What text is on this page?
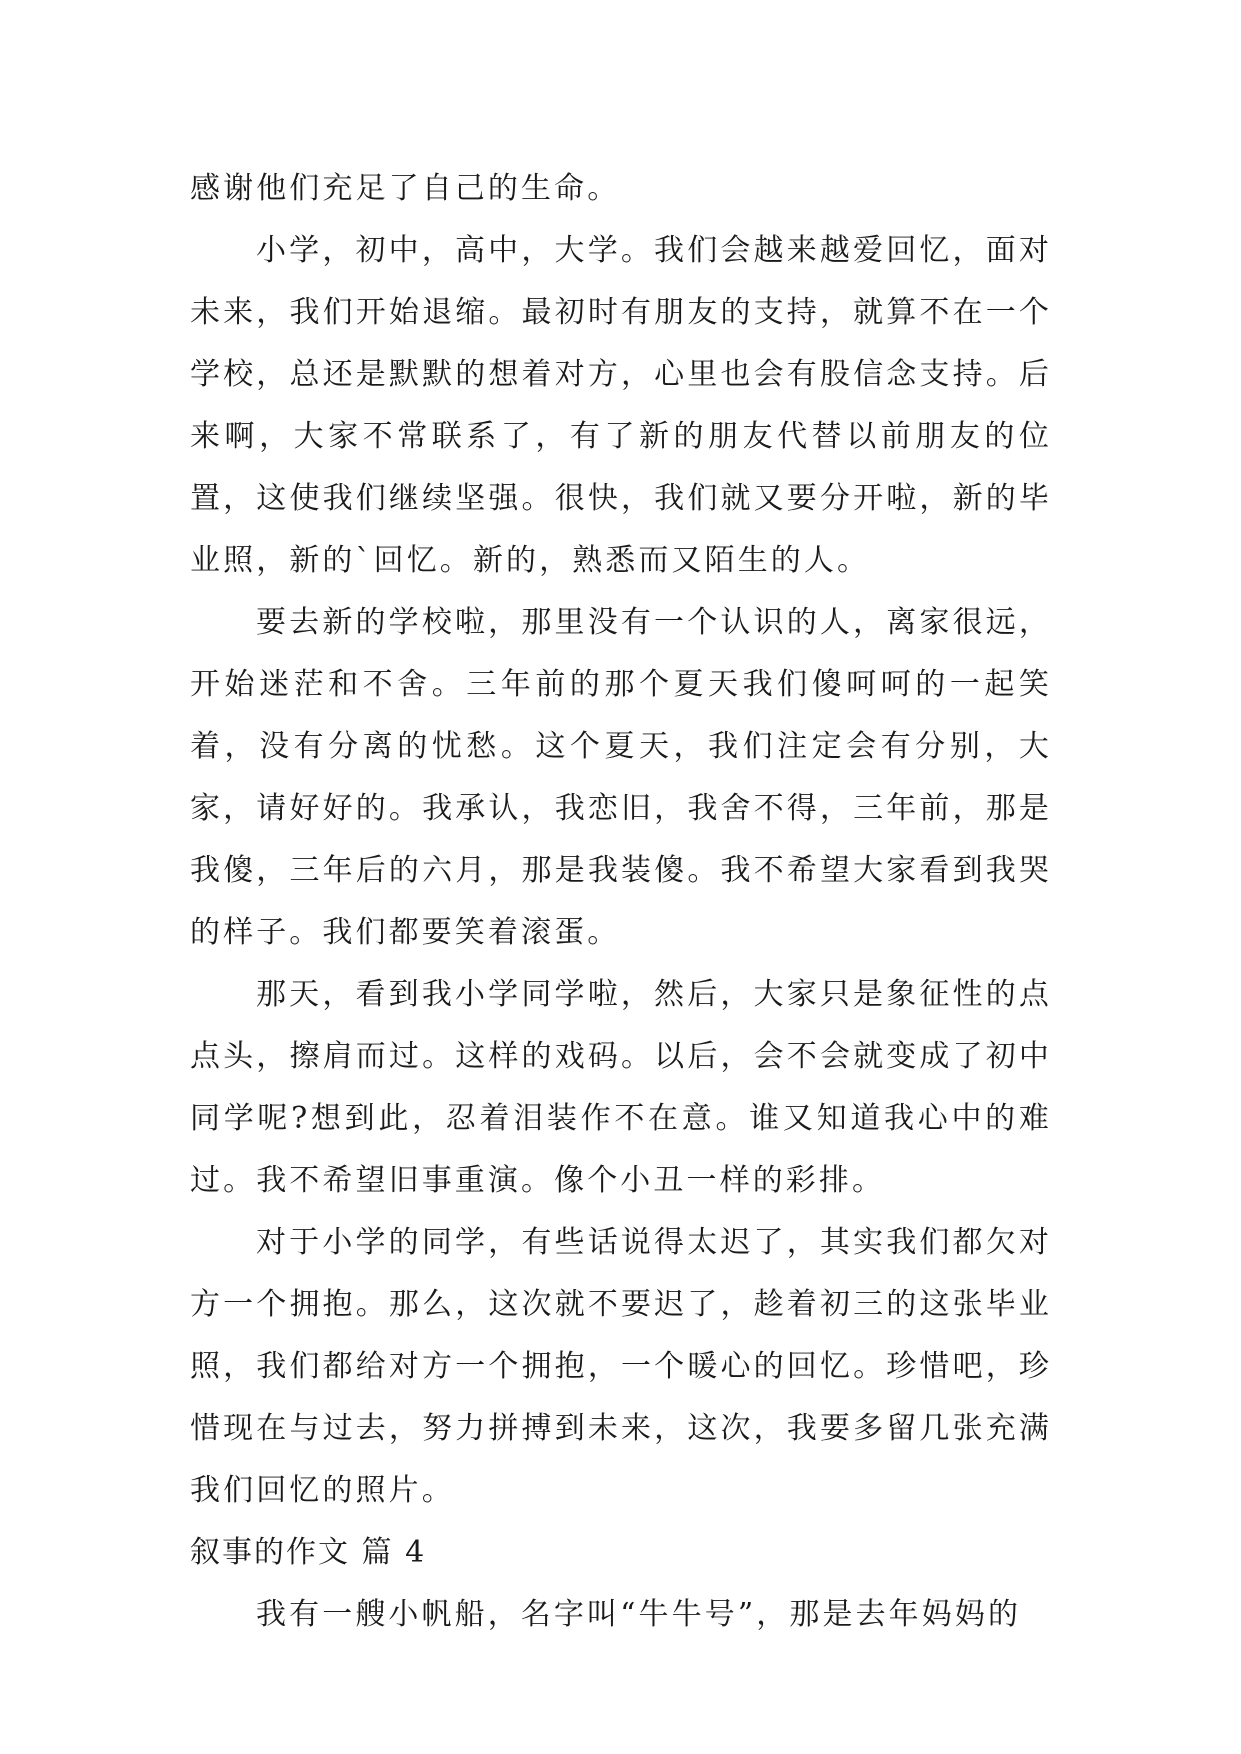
感谢他们充足了自己的生命。

小学，初中，高中，大学。我们会越来越爱回忆，面对未来，我们开始退缩。最初时有朋友的支持，就算不在一个学校，总还是默默的想着对方，心里也会有股信念支持。后来啊，大家不常联系了，有了新的朋友代替以前朋友的位置，这使我们继续坚强。很快，我们就又要分开啦，新的毕业照，新的`回忆。新的，熟悉而又陌生的人。

要去新的学校啦，那里没有一个认识的人，离家很远，开始迷茫和不舍。三年前的那个夏天我们傻呵呵的一起笑着，没有分离的忧愁。这个夏天，我们注定会有分别，大家，请好好的。我承认，我恋旧，我舍不得，三年前，那是我傻，三年后的六月，那是我装傻。我不希望大家看到我哭的样子。我们都要笑着滚蛋。

那天，看到我小学同学啦，然后，大家只是象征性的点点头，擦肩而过。这样的戏码。以后，会不会就变成了初中同学呢?想到此，忍着泪装作不在意。谁又知道我心中的难过。我不希望旧事重演。像个小丑一样的彩排。

对于小学的同学，有些话说得太迟了，其实我们都欠对方一个拥抱。那么，这次就不要迟了，趁着初三的这张毕业照，我们都给对方一个拥抱，一个暖心的回忆。珍惜吧，珍惜现在与过去，努力拼搏到未来，这次，我要多留几张充满我们回忆的照片。

叙事的作文 篇 4

我有一艘小帆船，名字叫“牛牛号”，那是去年妈妈的
